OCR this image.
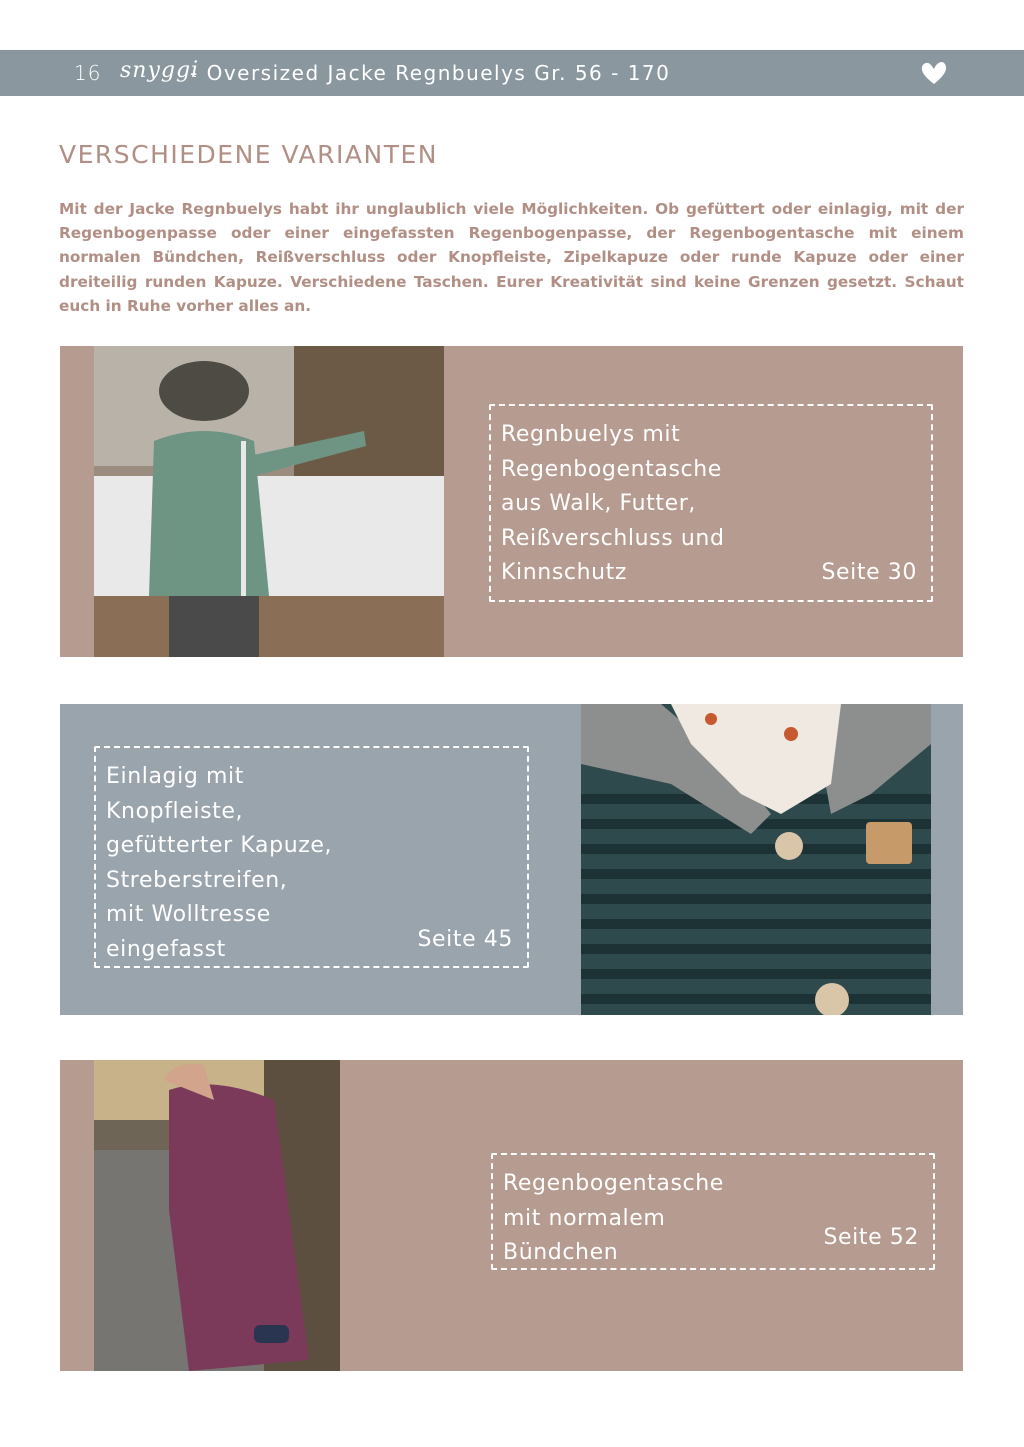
16 snyggi
- Oversized Jacke Regnbuelys Gr. 56 - 170
VERSCHIEDENE VARIANTEN
Mit der Jacke Regnbuelys habt ihr unglaublich viele Möglichkeiten. Ob gefüttert oder einlagig, mit der Regenbogenpasse oder einer eingefassten Regenbogenpasse, der Regenbogentasche mit einem normalen Bündchen, Reißverschluss oder Knopfleiste, Zipelkapuze oder runde Kapuze oder einer dreiteilig runden Kapuze. Verschiedene Taschen. Eurer Kreativität sind keine Grenzen gesetzt. Schaut euch in Ruhe vorher alles an.
Regnbuelys mit
Regenbogentasche
aus Walk, Futter,
Reißverschluss und
Kinnschutz	Seite 30
Einlagig mit
Knopfleiste,
gefütterter Kapuze,
Streberstreifen,
mit Wolltresse
eingefasst	Seite 45
Regenbogentasche
mit normalem
Bündchen
Seite 52
